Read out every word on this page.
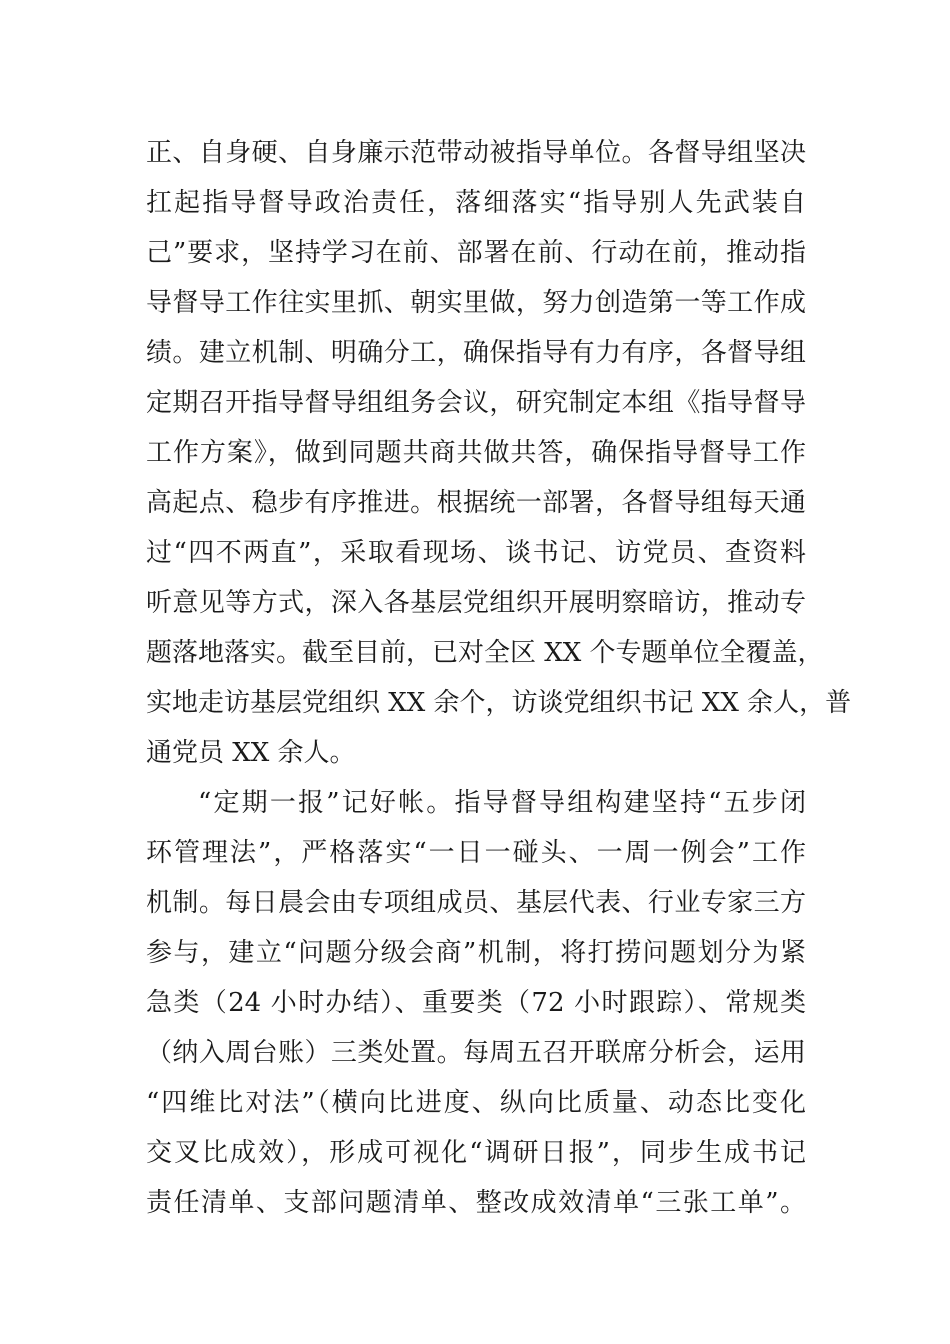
正、自身硬、自身廉示范带动被指导单位。各督导组坚决
扛起指导督导政治责任，落细落实“指导别人先武装自
己”要求，坚持学习在前、部署在前、行动在前，推动指
导督导工作往实里抓、朝实里做，努力创造第一等工作成
绩。建立机制、明确分工，确保指导有力有序，各督导组
定期召开指导督导组组务会议，研究制定本组《指导督导
工作方案》，做到同题共商共做共答，确保指导督导工作
高起点、稳步有序推进。根据统一部署，各督导组每天通
过“四不两直”，采取看现场、谈书记、访党员、查资料
听意见等方式，深入各基层党组织开展明察暗访，推动专
题落地落实。截至目前，已对全区 XX 个专题单位全覆盖，
实地走访基层党组织 XX 余个，访谈党组织书记 XX 余人，普
通党员 XX 余人。
“定期一报”记好帐。指导督导组构建坚持“五步闭
环管理法”，严格落实“一日一碰头、一周一例会”工作
机制。每日晨会由专项组成员、基层代表、行业专家三方
参与，建立“问题分级会商”机制，将打捞问题划分为紧
急类（24 小时办结）、重要类（72 小时跟踪）、常规类
（纳入周台账）三类处置。每周五召开联席分析会，运用
“四维比对法”（横向比进度、纵向比质量、动态比变化
交叉比成效），形成可视化“调研日报”，同步生成书记
责任清单、支部问题清单、整改成效清单“三张工单”。
